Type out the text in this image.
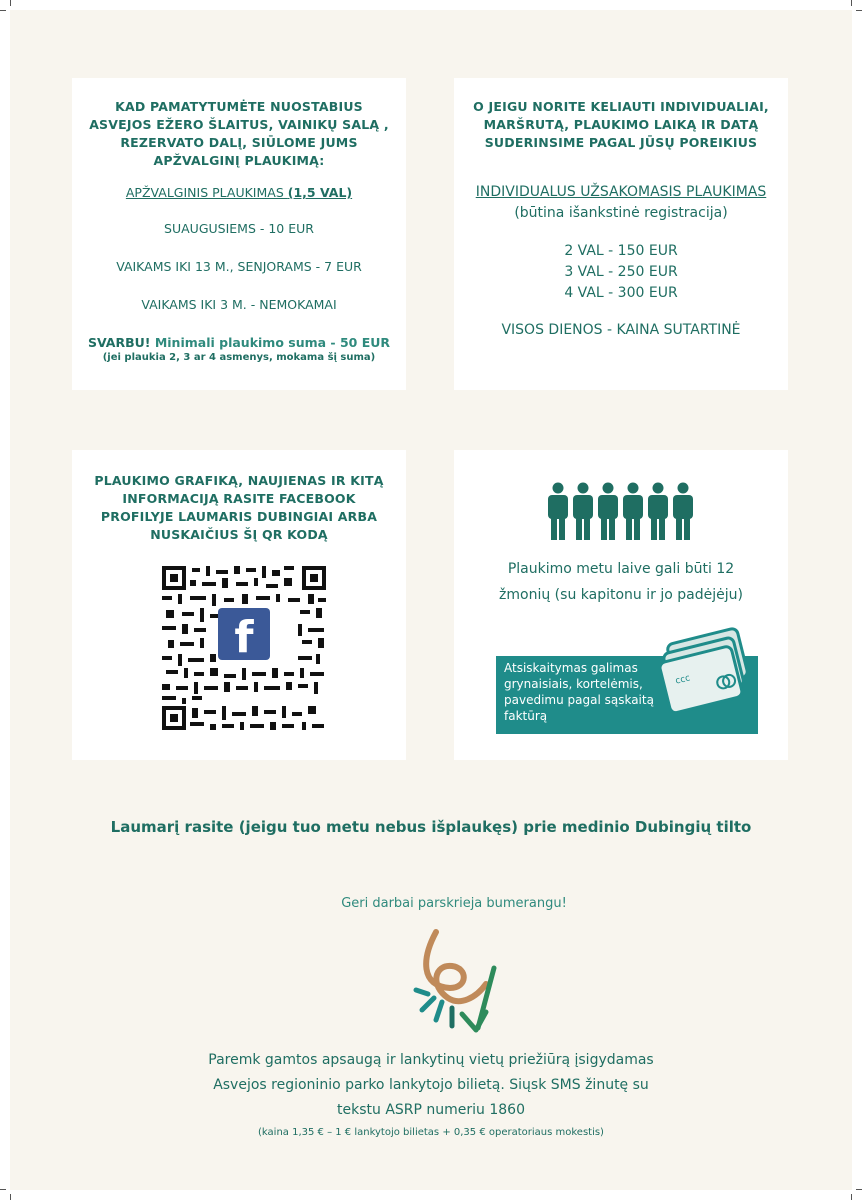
KAD PAMATYTUMĖTE NUOSTABIUS ASVEJOS EŽERO ŠLAITUS, VAINIKŲ SALĄ , REZERVATO DALĮ, SIŪLOME JUMS APŽVALGINĮ PLAUKIMĄ:
APŽVALGINIS PLAUKIMAS (1,5 VAL)
SUAUGUSIEMS - 10 EUR
VAIKAMS IKI 13 M., SENJORAMS - 7 EUR
VAIKAMS IKI 3 M. - NEMOKAMAI
SVARBU! Minimali plaukimo suma - 50 EUR
(jei plaukia 2, 3 ar 4 asmenys, mokama šį suma)
O JEIGU NORITE KELIAUTI INDIVIDUALIAI, MARŠRUTĄ, PLAUKIMO LAIKĄ IR DATĄ SUDERINSIME PAGAL JŪSŲ POREIKIUS
INDIVIDUALUS UŽSAKOMASIS PLAUKIMAS
(būtina išankstinė registracija)
2 VAL - 150 EUR
3 VAL - 250 EUR
4 VAL - 300 EUR
VISOS DIENOS - KAINA SUTARTINĖ
PLAUKIMO GRAFIKĄ, NAUJIENAS IR KITĄ INFORMACIJĄ RASITE FACEBOOK PROFILYJE LAUMARIS DUBINGIAI ARBA NUSKAIČIUS ŠĮ QR KODĄ
f
Plaukimo metu laive gali būti 12
žmonių (su kapitonu ir jo padėjėju)
Atsiskaitymas galimas grynaisiais, kortelėmis, pavedimu pagal sąskaitą faktūrą
ccc
Laumarį rasite (jeigu tuo metu nebus išplaukęs) prie medinio Dubingių tilto
Geri darbai parskrieja bumerangu!
Paremk gamtos apsaugą ir lankytinų vietų priežiūrą įsigydamas
Asvejos regioninio parko lankytojo bilietą. Siųsk SMS žinutę su
tekstu ASRP numeriu 1860
(kaina 1,35 € – 1 € lankytojo bilietas + 0,35 € operatoriaus mokestis)
